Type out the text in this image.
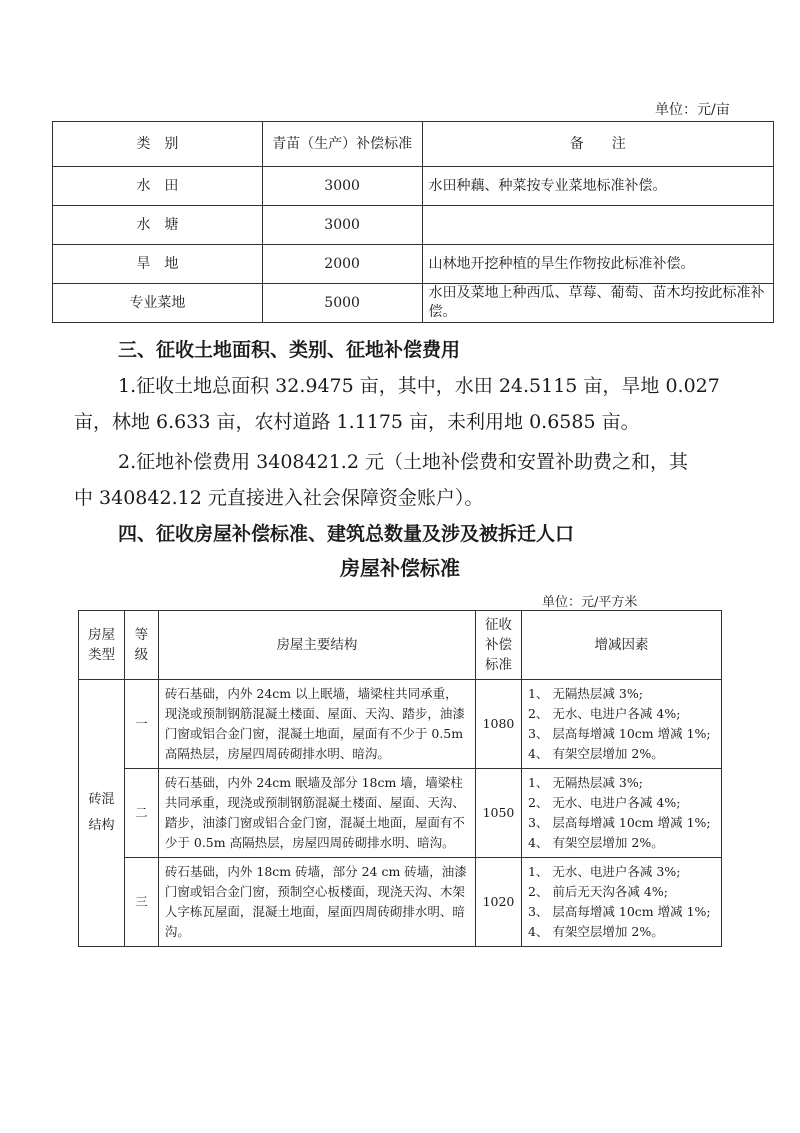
单位：元/亩
类　别	青苗（生产）补偿标准	备　　注
水　田	3000	水田种藕、种菜按专业菜地标准补偿。
水　塘	3000	
旱　地	2000	山林地开挖种植的旱生作物按此标准补偿。
专业菜地	5000	水田及菜地上种西瓜、草莓、葡萄、苗木均按此标准补偿。
三、征收土地面积、类别、征地补偿费用
1.征收土地总面积 32.9475 亩，其中，水田 24.5115 亩，旱地 0.027
亩，林地 6.633 亩，农村道路 1.1175 亩，未利用地 0.6585 亩。
2.征地补偿费用 3408421.2 元（土地补偿费和安置补助费之和，其
中 340842.12 元直接进入社会保障资金账户）。
四、征收房屋补偿标准、建筑总数量及涉及被拆迁人口
房屋补偿标准
单位：元/平方米
房屋类型	等级	房屋主要结构	征收补偿标准	增减因素
砖混结构	一	砖石基础，内外 24cm 以上眠墙，墙梁柱共同承重，现浇或预制钢筋混凝土楼面、屋面、天沟、踏步，油漆门窗或铝合金门窗，混凝土地面，屋面有不少于 0.5m 高隔热层，房屋四周砖砌排水明、暗沟。	1080	1、 无隔热层减 3%;
2、 无水、电进户各减 4%;
3、 层高每增减 10cm 增减 1%;
4、 有架空层增加 2%。

	二	砖石基础，内外 24cm 眠墙及部分 18cm 墙，墙梁柱共同承重，现浇或预制钢筋混凝土楼面、屋面、天沟、踏步，油漆门窗或铝合金门窗，混凝土地面，屋面有不少于 0.5m 高隔热层，房屋四周砖砌排水明、暗沟。	1050	1、 无隔热层减 3%;
2、 无水、电进户各减 4%;
3、 层高每增减 10cm 增减 1%;
4、 有架空层增加 2%。

	三	砖石基础，内外 18cm 砖墙，部分 24 cm 砖墙，油漆门窗或铝合金门窗，预制空心板楼面，现浇天沟、木架人字栋瓦屋面，混凝土地面，屋面四周砖砌排水明、暗沟。	1020	1、 无水、电进户各减 3%;
2、 前后无天沟各减 4%;
3、 层高每增减 10cm 增减 1%;
4、 有架空层增加 2%。
